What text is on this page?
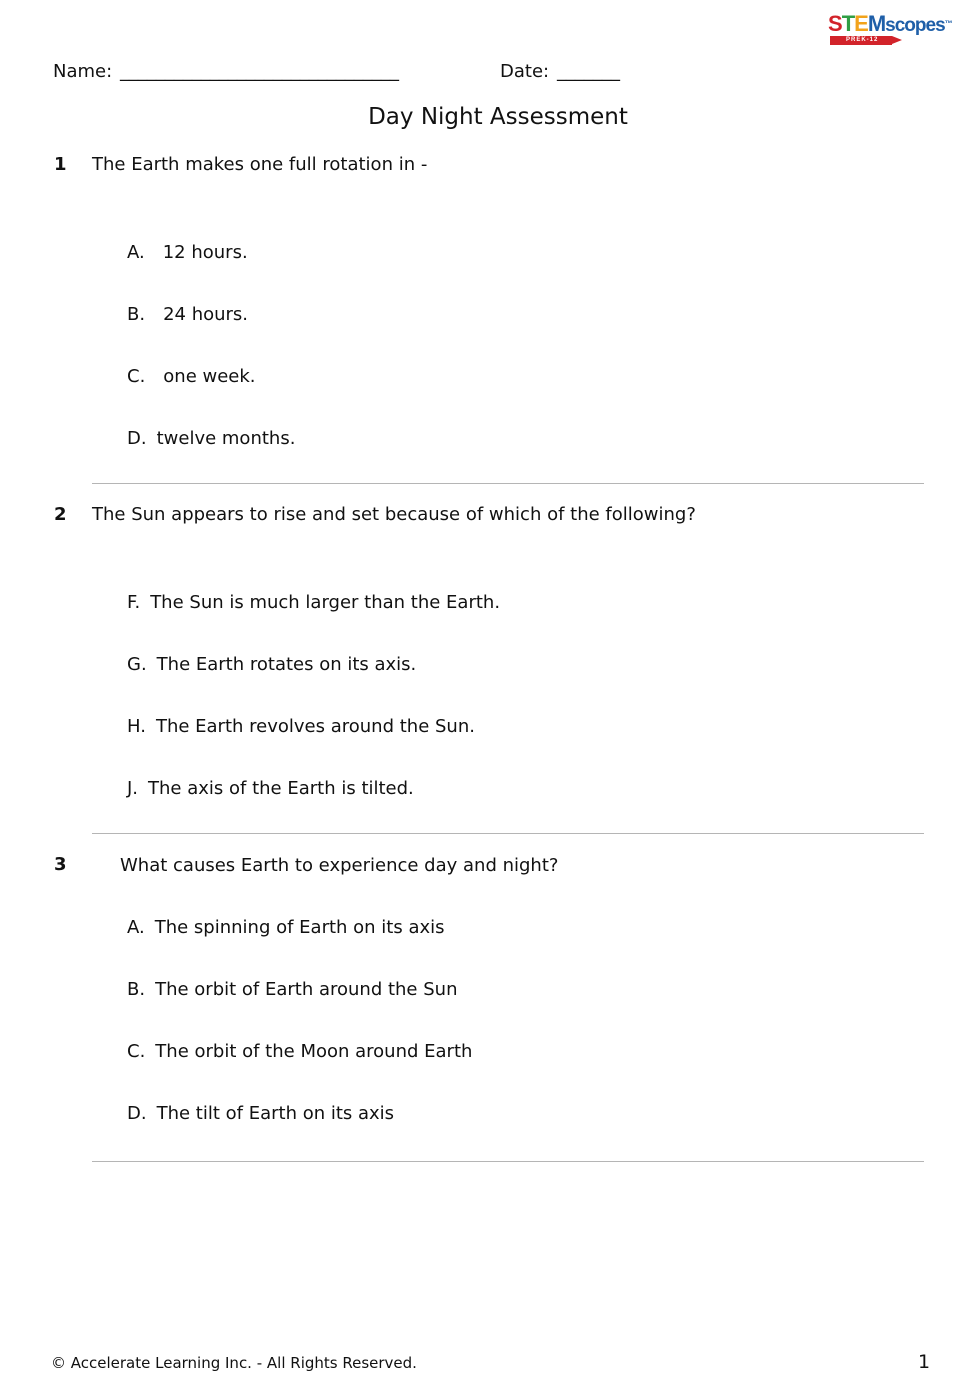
STEMscopes™
PREK-12
Name: _______________________________	Date: _______
Day Night Assessment
1 The Earth makes one full rotation in -
A. 12 hours.
B. 24 hours.
C. one week.
D. twelve months.
2 The Sun appears to rise and set because of which of the following?
F. The Sun is much larger than the Earth.
G. The Earth rotates on its axis.
H. The Earth revolves around the Sun.
J. The axis of the Earth is tilted.
3	What causes Earth to experience day and night?
A. The spinning of Earth on its axis
B. The orbit of Earth around the Sun
C. The orbit of the Moon around Earth
D. The tilt of Earth on its axis
© Accelerate Learning Inc. - All Rights Reserved.	1
